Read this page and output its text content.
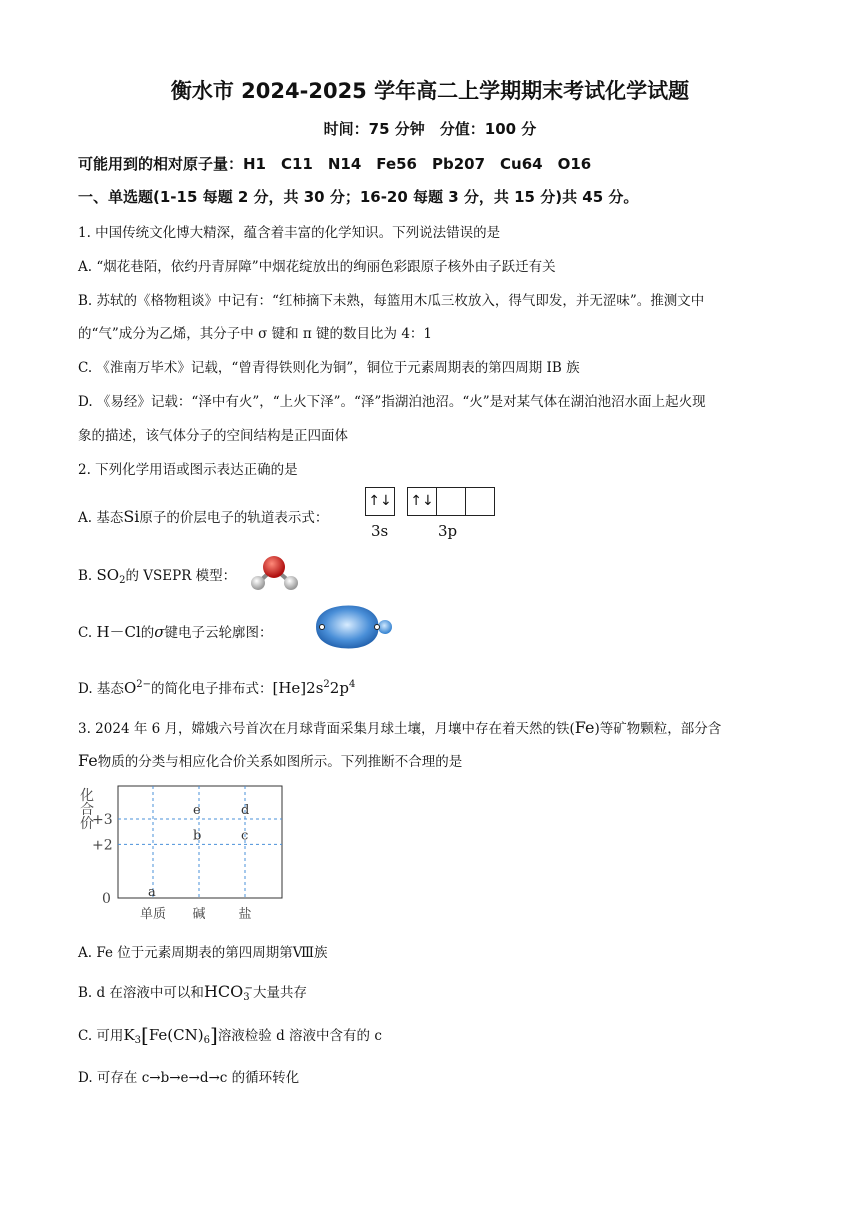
衡水市 2024-2025 学年高二上学期期末考试化学试题
时间：75 分钟　分值：100 分
可能用到的相对原子量：H1　C11　N14　Fe56　Pb207　Cu64　O16
一、单选题(1-15 每题 2 分，共 30 分；16-20 每题 3 分，共 15 分)共 45 分。
1. 中国传统文化博大精深，蕴含着丰富的化学知识。下列说法错误的是
A. “烟花巷陌，依约丹青屏障”中烟花绽放出的绚丽色彩跟原子核外由子跃迁有关
B. 苏轼的《格物粗谈》中记有：“红柿摘下未熟，每篮用木瓜三枚放入，得气即发，并无涩味”。推测文中
的“气”成分为乙烯，其分子中 σ 键和 π 键的数目比为 4：1
C. 《淮南万毕术》记载，“曾青得铁则化为铜”，铜位于元素周期表的第四周期 IB 族
D. 《易经》记载：“泽中有火”，“上火下泽”。“泽”指湖泊池沼。“火”是对某气体在湖泊池沼水面上起火现
象的描述，该气体分子的空间结构是正四面体
2. 下列化学用语或图示表达正确的是
A. 基态Si原子的价层电子的轨道表示式：
↑↓ ↑↓
3s	3p
B. $SO_2$的 VSEPR 模型：
C. H－Cl的σ键电子云轮廓图：
D. 基态$O^{2-}$的简化电子排布式：$[He]2s^22p^4$
3. 2024 年 6 月，嫦娥六号首次在月球背面采集月球土壤，月壤中存在着天然的铁(Fe)等矿物颗粒，部分含
Fe物质的分类与相应化合价关系如图所示。下列推断不合理的是
+3
+2
0
单质 碱	盐
a
b	c
e	d
化合价
A. Fe 位于元素周期表的第四周期第Ⅷ族
B. d 在溶液中可以和$HCO_3^-$大量共存
C. 可用$K_3[Fe(CN)_6]$溶液检验 d 溶液中含有的 c
D. 可存在 c→b→e→d→c 的循环转化
